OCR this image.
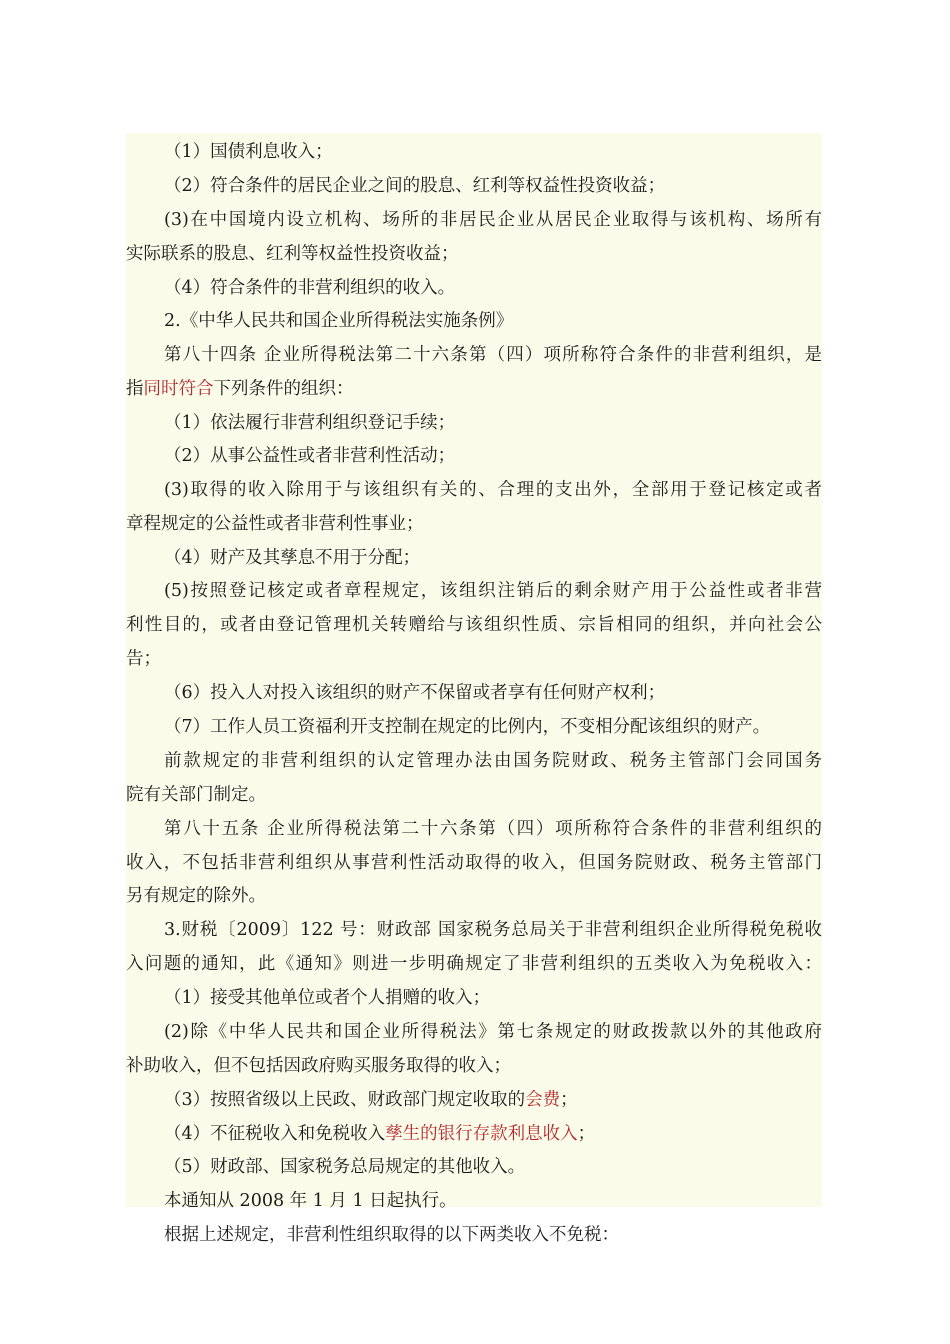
（1）国债利息收入；
（2）符合条件的居民企业之间的股息、红利等权益性投资收益；
(3)在中国境内设立机构、场所的非居民企业从居民企业取得与该机构、场所有
实际联系的股息、红利等权益性投资收益；
（4）符合条件的非营利组织的收入。
2.《中华人民共和国企业所得税法实施条例》
第八十四条 企业所得税法第二十六条第（四）项所称符合条件的非营利组织，是
指同时符合下列条件的组织：
（1）依法履行非营利组织登记手续；
（2）从事公益性或者非营利性活动；
(3)取得的收入除用于与该组织有关的、合理的支出外，全部用于登记核定或者
章程规定的公益性或者非营利性事业；
（4）财产及其孳息不用于分配；
(5)按照登记核定或者章程规定，该组织注销后的剩余财产用于公益性或者非营
利性目的，或者由登记管理机关转赠给与该组织性质、宗旨相同的组织，并向社会公
告；
（6）投入人对投入该组织的财产不保留或者享有任何财产权利；
（7）工作人员工资福利开支控制在规定的比例内，不变相分配该组织的财产。
前款规定的非营利组织的认定管理办法由国务院财政、税务主管部门会同国务
院有关部门制定。
第八十五条 企业所得税法第二十六条第（四）项所称符合条件的非营利组织的
收入，不包括非营利组织从事营利性活动取得的收入，但国务院财政、税务主管部门
另有规定的除外。
3.财税〔2009〕122 号：财政部 国家税务总局关于非营利组织企业所得税免税收
入问题的通知，此《通知》则进一步明确规定了非营利组织的五类收入为免税收入：
（1）接受其他单位或者个人捐赠的收入；
(2)除《中华人民共和国企业所得税法》第七条规定的财政拨款以外的其他政府
补助收入，但不包括因政府购买服务取得的收入；
（3）按照省级以上民政、财政部门规定收取的会费；
（4）不征税收入和免税收入孳生的银行存款利息收入；
（5）财政部、国家税务总局规定的其他收入。
本通知从 2008 年 1 月 1 日起执行。
根据上述规定，非营利性组织取得的以下两类收入不免税：
